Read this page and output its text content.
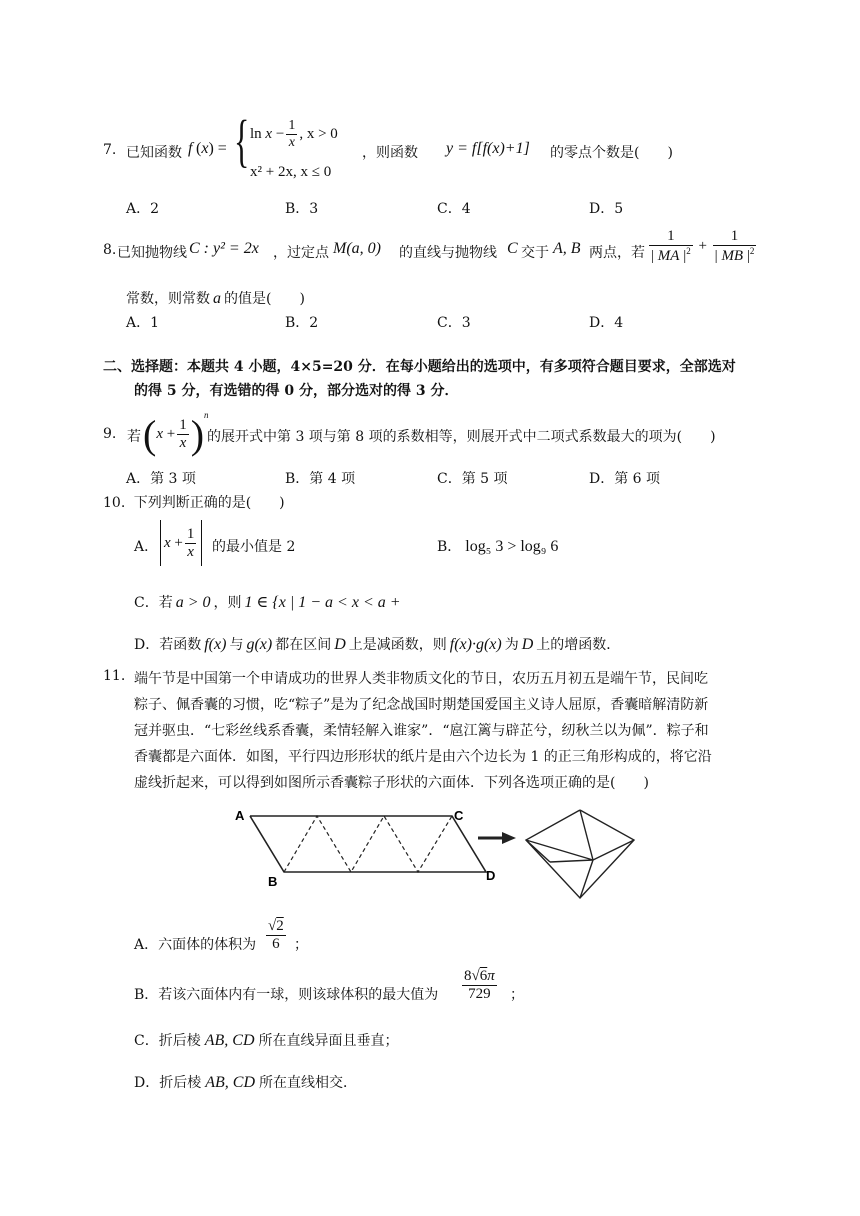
7. 已知函数 f (x) = { $\ln x - \frac{1}{x}$ , x > 0
x² + 2x, x ≤ 0
，则函数 y = f[f(x)+1] 的零点个数是(　　)
A．2	B．3	C．4	D．5
8. 已知抛物线 C : y² = 2x ，过定点 M(a, 0) 的直线与抛物线 C 交于 A, B 两点，若 $\frac{1}{| MA |^2} + \frac{1}{| MB |^2}$
常数，则常数 a 的值是(　　)
A．1	B．2	C．3	D．4
二、选择题：本题共 4 小题，4×5=20 分．在每小题给出的选项中，有多项符合题目要求，全部选对
的得 5 分，有选错的得 0 分，部分选对的得 3 分．
9. 若 $(x + \frac{1}{x} )^n$
的展开式中第 3 项与第 8 项的系数相等，则展开式中二项式系数最大的项为(　　)
A．第 3 项	B．第 4 项	C．第 5 项	D．第 6 项
10. 下列判断正确的是(　　)
A． $x + \frac{1}{x}$ 的最小值是 2	B． log₅ 3 > log₉ 6
C．若 a > 0 ，则 1 ∈ {x | 1 − a < x < a +
D．若函数 f(x) 与 g(x) 都在区间 D 上是减函数，则 f(x)·g(x) 为 D 上的增函数．
11. 端午节是中国第一个申请成功的世界人类非物质文化的节日，农历五月初五是端午节，民间吃
粽子、佩香囊的习惯，吃“粽子”是为了纪念战国时期楚国爱国主义诗人屈原，香囊暗解清防新
冠并驱虫．“七彩丝线系香囊，柔情轻解入谁家”．“扈江篱与辟芷兮，纫秋兰以为佩”．粽子和
香囊都是六面体．如图，平行四边形形状的纸片是由六个边长为 1 的正三角形构成的，将它沿
虚线折起来，可以得到如图所示香囊粽子形状的六面体．下列各选项正确的是(　　)
A
B
C
D
A．六面体的体积为 $\frac{√2}{6}$ ；
B．若该六面体内有一球，则该球体积的最大值为 $\frac{8√6\pi}{729}$ ；
C．折后棱 AB, CD 所在直线异面且垂直；
D．折后棱 AB, CD 所在直线相交．
